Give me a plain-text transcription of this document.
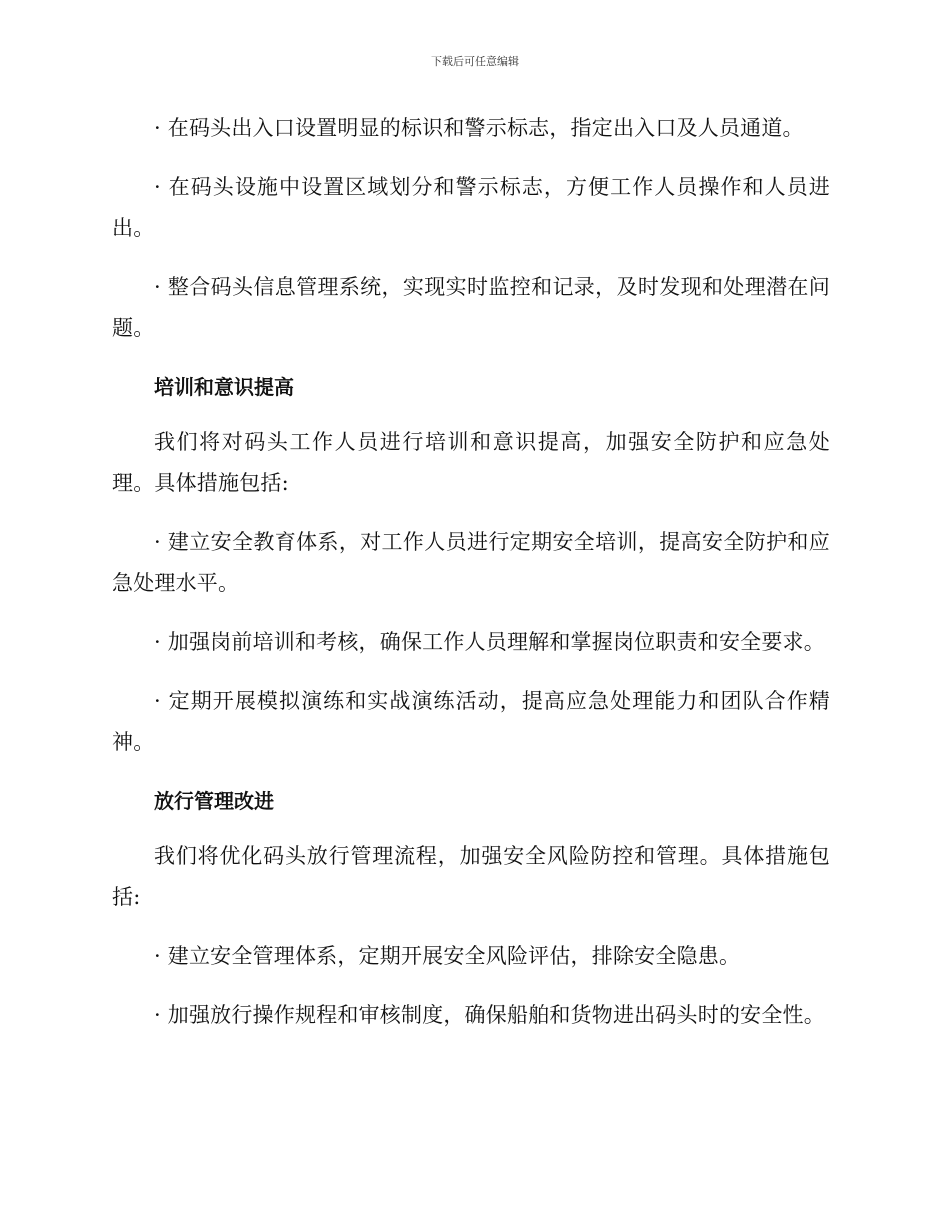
下载后可任意编辑

· 在码头出入口设置明显的标识和警示标志，指定出入口及人员通道。

· 在码头设施中设置区域划分和警示标志，方便工作人员操作和人员进出。

· 整合码头信息管理系统，实现实时监控和记录，及时发现和处理潜在问题。

培训和意识提高

我们将对码头工作人员进行培训和意识提高，加强安全防护和应急处理。具体措施包括:

· 建立安全教育体系，对工作人员进行定期安全培训，提高安全防护和应急处理水平。

· 加强岗前培训和考核，确保工作人员理解和掌握岗位职责和安全要求。

· 定期开展模拟演练和实战演练活动，提高应急处理能力和团队合作精神。

放行管理改进

我们将优化码头放行管理流程，加强安全风险防控和管理。具体措施包括:

· 建立安全管理体系，定期开展安全风险评估，排除安全隐患。

· 加强放行操作规程和审核制度，确保船舶和货物进出码头时的安全性。
